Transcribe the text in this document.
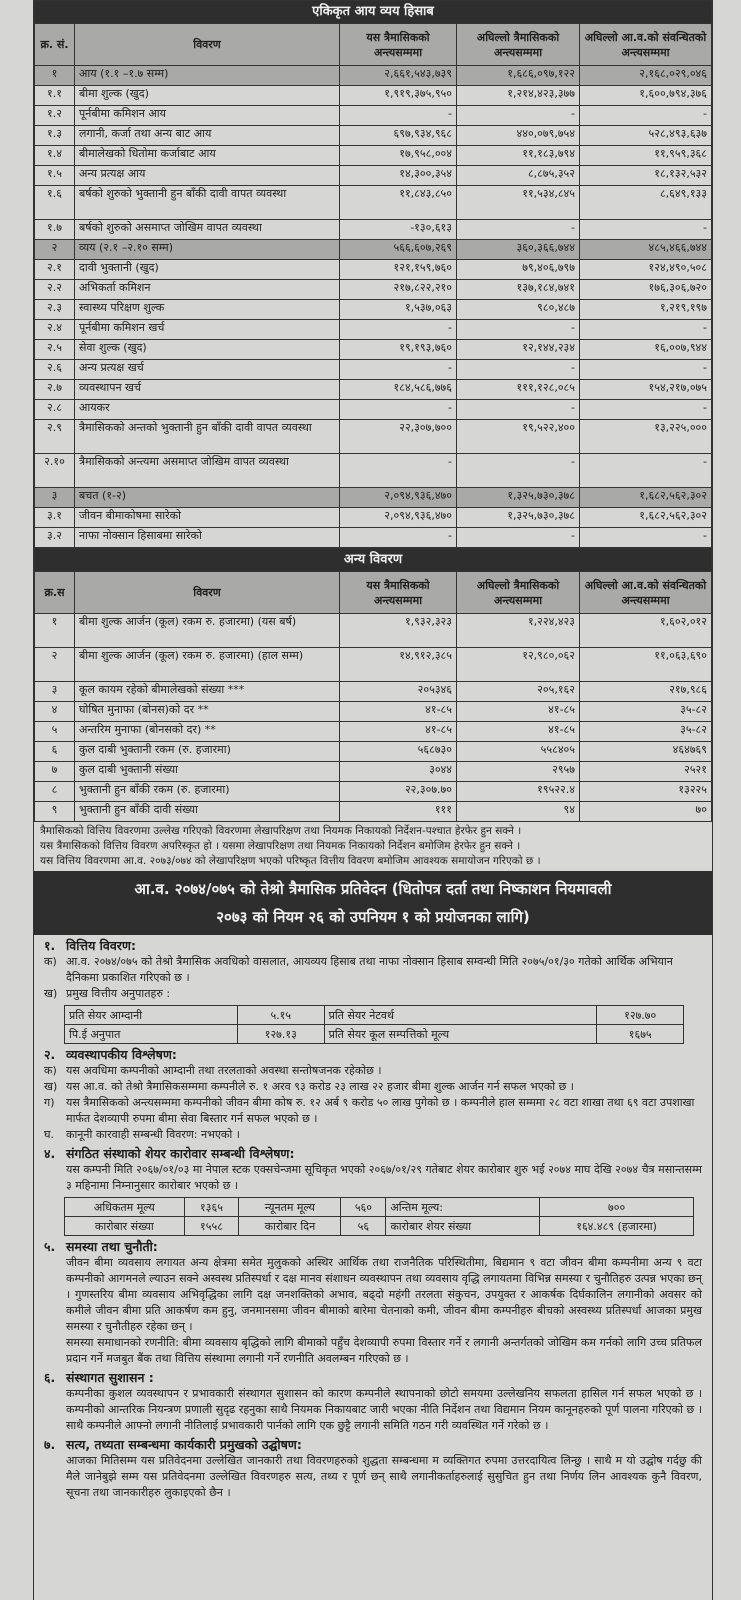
एकिकृत आय व्यय हिसाब				
क्र. सं.	विवरण	यस त्रैमासिकको अन्त्यसम्ममा	अघिल्लो त्रैमासिकको अन्त्यसम्ममा	अघिल्लो आ.व.को संवन्धितको अन्त्यसम्ममा
१	आय (१.१ –१.७ सम्म)	२,६६१,५४३,७३९	१,६८६,०९७,१२२	२,१६८,०२९,०४६
१.१	बीमा शुल्क (खुद)	१,९१९,३७५,९५०	१,२१४,४२३,३७७	१,६००,७९४,३७६
१.२	पूर्नबीमा कमिशन आय	-	-	-
१.३	लगानी, कर्जा तथा अन्य बाट आय	६९७,९३४,९६८	४४०,०७९,७५४	५२८,४९३,६३७
१.४	बीमालेखको धितोमा कर्जाबाट आय	१७,९५८,००४	११,१८३,७९४	११,९५९,३६८
१.५	अन्य प्रत्यक्ष आय	१४,३००,३५४	८,८७५,३५२	१८,१३२,५३२
१.६	बर्षको शुरुको भुक्तानी हुन बाँकी दावी वापत व्यवस्था	११,८४३,८५०	११,५३४,८४५	८,६४९,१३३
१.७	बर्षको शुरुको असमाप्त जोखिम वापत व्यवस्था	-१३०,६१३	-	-
२	व्यय (२.१ –२.१० सम्म)	५६६,६०७,२६९	३६०,३६६,७४४	४८५,४६६,७४४
२.१	दावी भुक्तानी (खुद)	१२१,१५९,७६०	७९,४०६,७९७	१२४,४९०,५०८
२.२	अभिकर्ता कमिशन	२१७,८२२,२१०	१३७,१८४,७४१	१७६,३०६,७२०
२.३	स्वास्थ्य परिक्षण शुल्क	१,५३७,०६३	९८०,४८७	१,२१९,१९७
२.४	पूर्नबीमा कमिशन खर्च	-	-	-
२.५	सेवा शुल्क (खुद)	१९,१९३,७६०	१२,१४४,२३४	१६,००७,९४४
२.६	अन्य प्रत्यक्ष खर्च	-	-	-
२.७	व्यवस्थापन खर्च	१८४,५८६,७७६	१११,१२८,०८५	१५४,२१७,०७५
२.८	आयकर	-	-	-
२.९	त्रैमासिकको अन्तको भुक्तानी हुन बाँकी दावी वापत व्यवस्था	२२,३०७,७००	१९,५२२,४००	१३,२२५,०००
२.१०	त्रैमासिकको अन्त्यमा असमाप्त जोखिम वापत व्यवस्था	-	-	-
३	बचत (१-२)	२,०९४,९३६,४७०	१,३२५,७३०,३७८	१,६८२,५६२,३०२
३.१	जीवन बीमाकोषमा सारेको	२,०९४,९३६,४७०	१,३२५,७३०,३७८	१,६८२,५६२,३०२
३.२	नाफा नोक्सान हिसाबमा सारेको	-	-	-
अन्य विवरण				
क्र.स	विवरण	यस त्रैमासिकको अन्त्यसम्ममा	अघिल्लो त्रैमासिकको अन्त्यसम्ममा	अघिल्लो आ.व.को संवन्धितको अन्त्यसम्ममा
१	बीमा शुल्क आर्जन (कूल) रकम रु. हजारमा) (यस बर्ष)	१,९३२,३२३	१,२२४,४२३	१,६०२,०१२
२	बीमा शुल्क आर्जन (कूल) रकम रु. हजारमा) (हाल सम्म)	१४,९१२,३८५	१२,९८०,०६२	११,०६३,६९०
३	कूल कायम रहेको बीमालेखको संख्या ***	२०५३४६	२०५,१६२	२१७,९८६
४	घोषित मुनाफा (बोनस)को दर **	४१-८५	४१-८५	३५-८२
५	अन्तरिम मुनाफा (बोनसको दर) **	४१-८५	४१-८५	३५-८२
६	कुल दाबी भुक्तानी रकम (रु. हजारमा)	५६८७३०	५५८४०५	४६४७६९
७	कुल दाबी भुक्तानी संख्या	३०४४	२९५७	२५२१
८	भुक्तानी हुन बाँकी रकम (रु. हजारमा)	२२,३०७.७०	१९५२२.४	१३२२५
९	भुक्तानी हुन बाँकी दावी संख्या	१११	९४	७०
त्रैमासिकको वित्तिय विवरणमा उल्लेख गरिएको विवरणमा लेखापरिक्षण तथा नियमक निकायको निर्देशन-पश्चात हेरफेर हुन सक्ने ।
यस त्रैमासिकको वित्तिय विवरण अपरिस्कृत हो । यसमा लेखापरिक्षण तथा नियमक निकायको निर्देशन बमोजिम हेरफेर हुन सक्ने ।
यस वित्तिय विवरणमा आ.व. २०७३/०७४ को लेखापरिक्षण भएको परिष्कृत वित्तीय विवरण बमोजिम आवश्यक समायोजन गरिएको छ ।
आ.व. २०७४/०७५ को तेश्रो त्रैमासिक प्रतिवेदन (धितोपत्र दर्ता तथा निष्काशन नियमावली
२०७३ को नियम २६ को उपनियम १ को प्रयोजनका लागि)
१. वित्तिय विवरण:
क) आ.व. २०७४/०७५ को तेश्रो त्रैमासिक अवधिको वासलात, आयव्यय हिसाब तथा नाफा नोक्सान हिसाब सम्वन्धी मिति २०७५/०१/३० गतेको आर्थिक अभियान दैनिकमा प्रकाशित गरिएको छ ।
ख) प्रमुख वित्तीय अनुपातहरु :
प्रति सेयर आम्दानी	५.१५	प्रति सेयर नेटवर्थ	१२७.७०
पि.ई अनुपात	१२७.१३	प्रति सेयर कूल सम्पत्तिको मूल्य	१६७५
२. व्यवस्थापकीय विश्लेषण:
क) यस अवधिमा कम्पनीको आम्दानी तथा तरलताको अवस्था सन्तोषजनक रहेकोछ ।
ख) यस आ.व. को तेश्रो त्रैमासिकसम्ममा कम्पनीले रु. १ अरव ९३ करोड २३ लाख २२ हजार बीमा शुल्क आर्जन गर्न सफल भएको छ ।
ग) यस त्रैमासिकको अन्त्यसम्ममा कम्पनीको जीवन बीमा कोष रु. १२ अर्ब ९ करोड ५० लाख पुगेको छ । कम्पनीले हाल सम्ममा २८ वटा शाखा तथा ६९ वटा उपशाखा मार्फत देशव्यापी रुपमा बीमा सेवा बिस्तार गर्न सफल भएको छ ।
घ. कानूनी कारवाही सम्बन्धी विवरण: नभएको ।
४. संगठित संस्थाको शेयर कारोवार सम्बन्धी विश्लेषण:
यस कम्पनी मिति २०६७/०१/०३ मा नेपाल स्टक एक्सचेन्जमा सूचिकृत भएको २०६७/०१/२९ गतेबाट शेयर कारोबार शुरु भई २०७४ माघ देखि २०७४ चैत्र मसान्तसम्म ३ महिनामा निम्नानुसार कारोबार भएको छ ।
अधिकतम मूल्य	१३६५	न्यूनतम मूल्य	५६०	अन्तिम मूल्य:	७००
कारोबार संख्या	१५५८	कारोबार दिन	५६	कारोबार शेयर संख्या	१६४.४८९ (हजारमा)
५. समस्या तथा चुनौती:
जीवन बीमा व्यवसाय लगायत अन्य क्षेत्रमा समेत मुलुकको अस्थिर आर्थिक तथा राजनैतिक परिस्थितीमा, बिद्यमान ९ वटा जीवन बीमा कम्पनीमा अन्य ९ वटा कम्पनीको आगमनले ल्याउन सक्ने अस्वस्थ प्रतिस्पर्धा र दक्ष मानव संशाधन व्यवस्थापन तथा व्यवसाय वृद्धि लगायतमा विभिन्न समस्या र चुनौतिहरु उत्पन्न भएका छन् । गुणस्तरिय बीमा व्यवसाय अभिवृद्धिका लागि दक्ष जनशक्तिको अभाव, बढ्दो महंगी तरलता संकुचन, उपयुक्त र आकर्षक दिर्घकालिन लगानीको अवसर को कमीले जीवन बीमा प्रति आकर्षण कम हुनु, जनमानसमा जीवन बीमाको बारेमा चेतनाको कमी, जीवन बीमा कम्पनीहरु बीचको अस्वस्थ्य प्रतिस्पर्धा आजका प्रमुख समस्या र चुनौतीहरु रहेका छन् ।
समस्या समाधानको रणनीति: बीमा व्यवसाय बृद्धिको लागि बीमाको पहुँच देशव्यापी रुपमा विस्तार गर्ने र लगानी अन्तर्गतको जोखिम कम गर्नको लागि उच्च प्रतिफल प्रदान गर्ने मजबुत बैंक तथा वित्तिय संस्थामा लगानी गर्ने रणनीति अवलम्बन गरिएको छ ।
६. संस्थागत सुशासन :
कम्पनीका कुशल व्यवस्थापन र प्रभावकारी संस्थागत सुशासन को कारण कम्पनीले स्थापनाको छोटो समयमा उल्लेखनिय सफलता हासिल गर्न सफल भएको छ । कम्पनीको आन्तरिक नियन्त्रण प्रणाली सुदृढ रहनुका साथै नियमक निकायबाट जारी भएका नीति निर्देशन तथा विद्यमान नियम कानूनहरुको पूर्ण पालना गरिएको छ । साथै कम्पनीले आफ्नो लगानी नीतिलाई प्रभावकारी पार्नको लागि एक छुट्टै लगानी समिति गठन गरी व्यवस्थित गर्ने गरेको छ ।
७. सत्य, तथ्यता सम्बन्धमा कार्यकारी प्रमुखको उद्घोषण:
आजका मितिसम्म यस प्रतिवेदनमा उल्लेखित जानकारी तथा विवरणहरुको शुद्धता सम्बन्धमा म व्यक्तिगत रुपमा उत्तरदायित्व लिन्छु । साथै म यो उद्घोष गर्दछु की मैले जानेबुझे सम्म यस प्रतिवेदनमा उल्लेखित विवरणहरु सत्य, तथ्य र पूर्ण छन् साथै लगानीकर्ताहरुलाई सुसुचित हुन तथा निर्णय लिन आवश्यक कुनै विवरण, सूचना तथा जानकारीहरु लुकाइएको छैन ।
